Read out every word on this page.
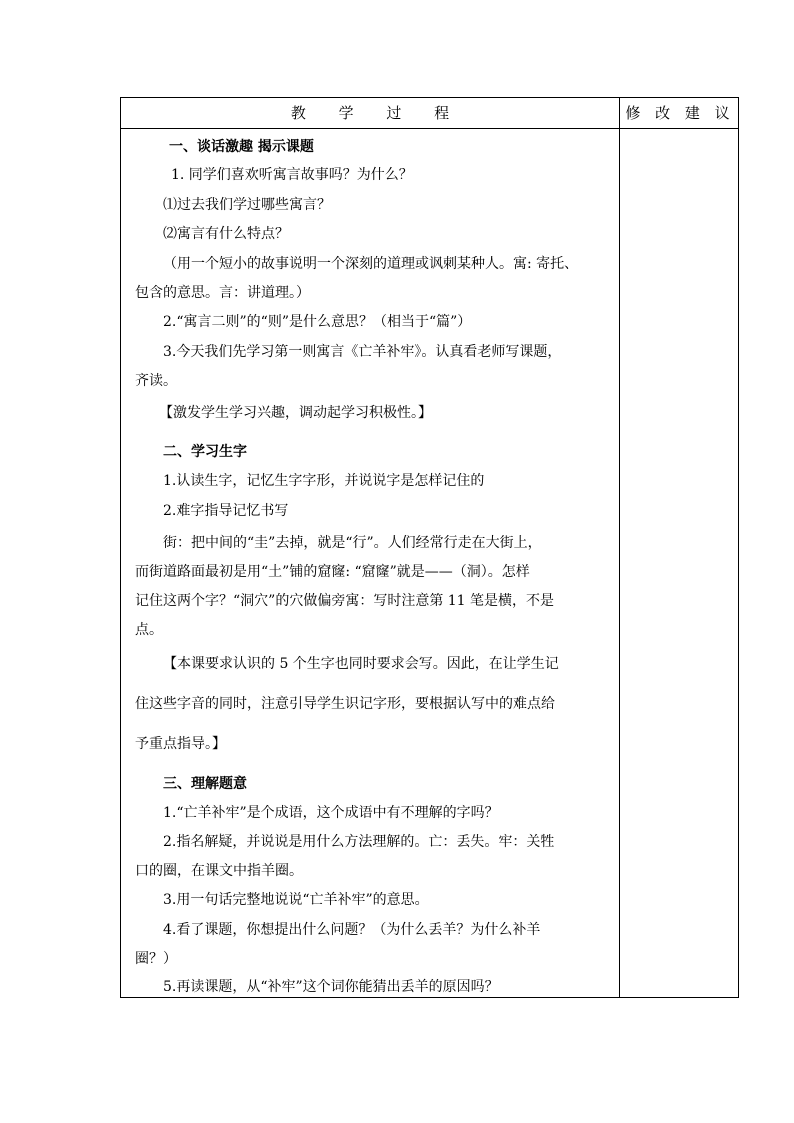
教 学 过 程	修 改 建 议
一、谈话激趣 揭示课题
1. 同学们喜欢听寓言故事吗？为什么？
⑴过去我们学过哪些寓言？
⑵寓言有什么特点？
（用一个短小的故事说明一个深刻的道理或讽刺某种人。寓: 寄托、
包含的意思。言：讲道理。）
2.“寓言二则”的“则”是什么意思？（相当于“篇”）
3.今天我们先学习第一则寓言《亡羊补牢》。认真看老师写课题，
齐读。
【激发学生学习兴趣，调动起学习积极性。】
二、学习生字
1.认读生字，记忆生字字形，并说说字是怎样记住的
2.难字指导记忆书写
街：把中间的“圭”去掉，就是“行”。人们经常行走在大街上，
而街道路面最初是用“土”铺的窟窿: “窟窿”就是——（洞）。怎样
记住这两个字？“洞穴”的穴做偏旁寓：写时注意第 11 笔是横，不是
点。
【本课要求认识的 5 个生字也同时要求会写。因此，在让学生记
住这些字音的同时，注意引导学生识记字形，要根据认写中的难点给
予重点指导。】
三、理解题意
1.“亡羊补牢”是个成语，这个成语中有不理解的字吗？
2.指名解疑，并说说是用什么方法理解的。亡：丢失。牢：关牲
口的圈，在课文中指羊圈。
3.用一句话完整地说说“亡羊补牢”的意思。
4.看了课题，你想提出什么问题？（为什么丢羊？为什么补羊
圈？）
5.再读课题，从“补牢”这个词你能猜出丢羊的原因吗？
